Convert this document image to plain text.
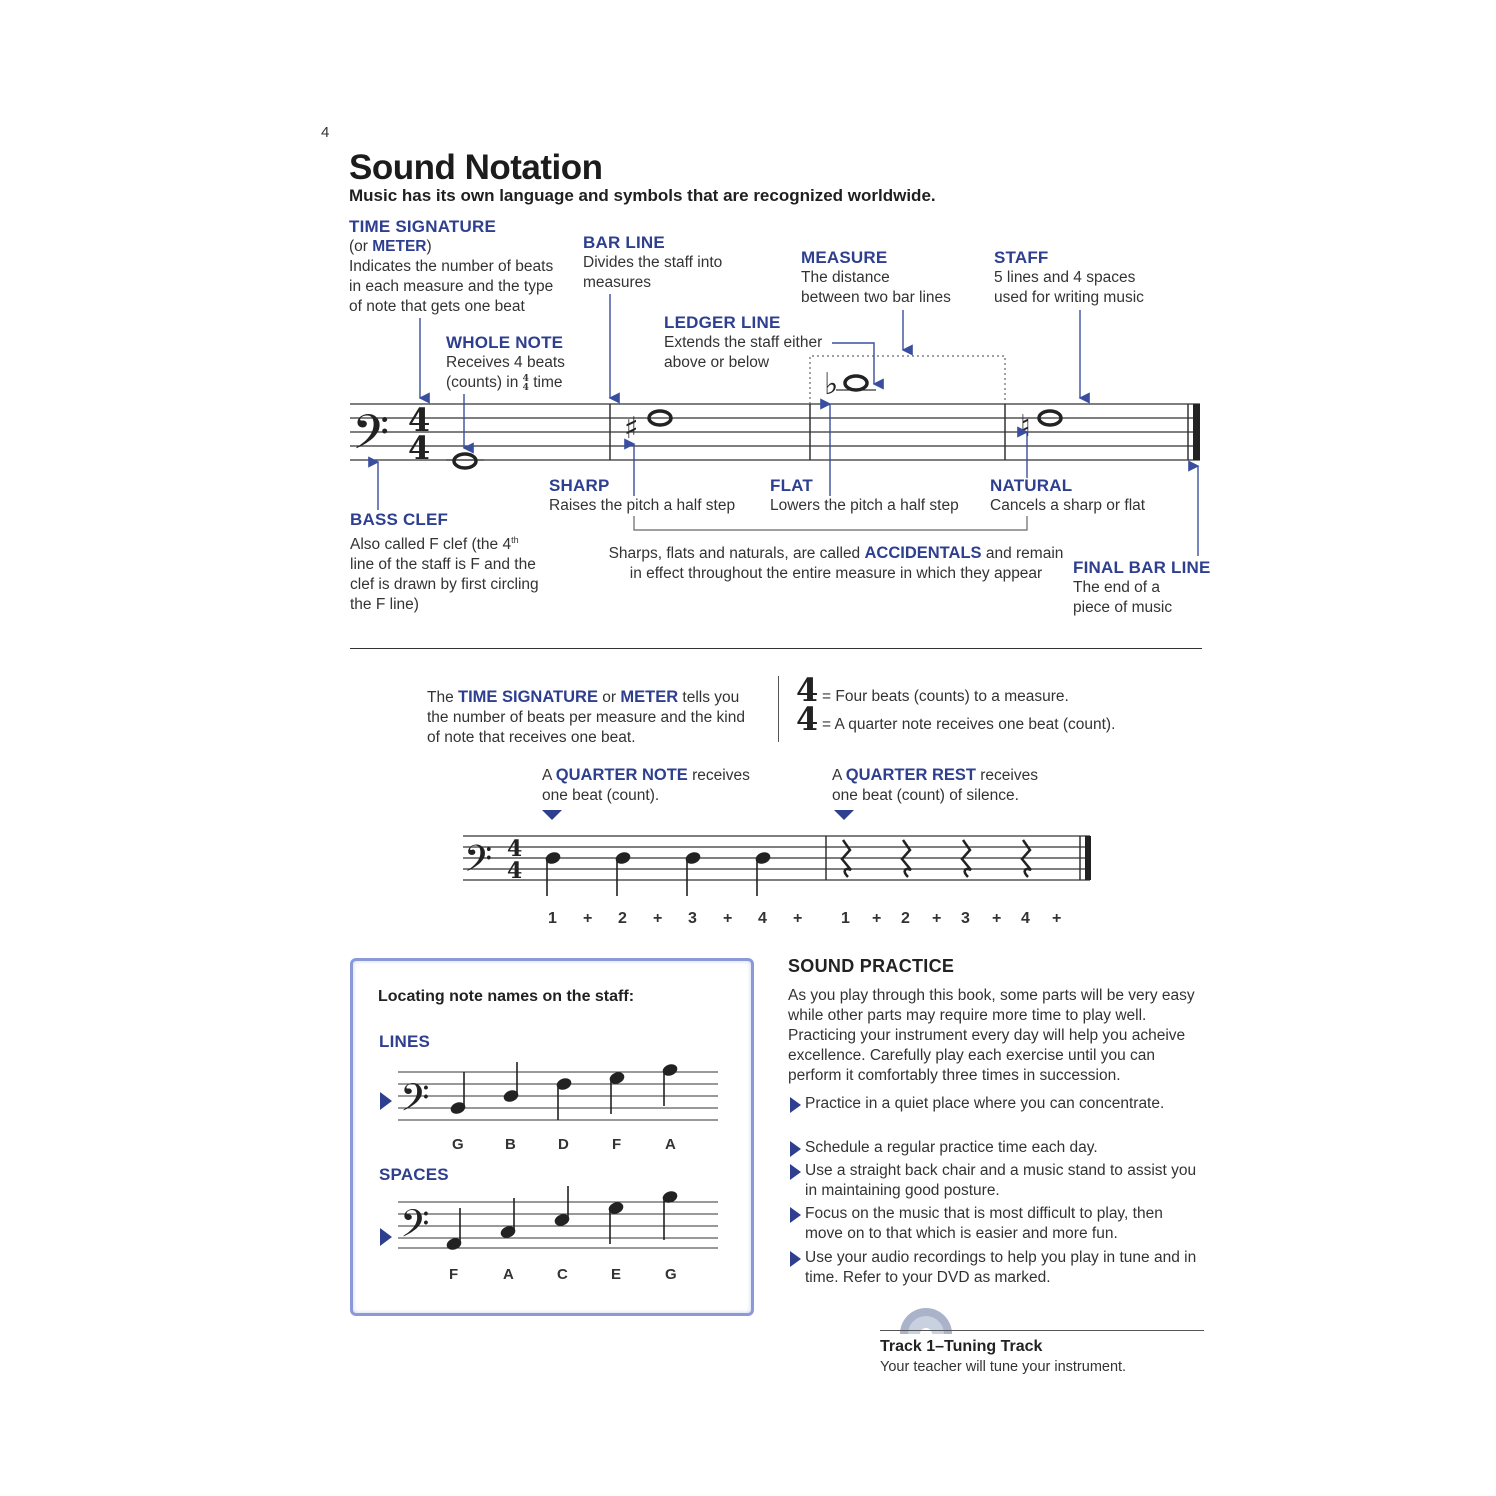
4
Sound Notation
Music has its own language and symbols that are recognized worldwide.
TIME SIGNATURE
(or METER)
Indicates the number of beats
in each measure and the type
of note that gets one beat
BAR LINE
Divides the staff into
measures
MEASURE
The distance
between two bar lines
STAFF
5 lines and 4 spaces
used for writing music
LEDGER LINE
Extends the staff either
above or below
WHOLE NOTE
Receives 4 beats
(counts) in 4
4 time
𝄢 4
4
♯
♭
♮
SHARP
Raises the pitch a half step
FLAT
Lowers the pitch a half step
NATURAL
Cancels a sharp or flat
BASS CLEF
Also called F clef (the 4th
line of the staff is F and the
clef is drawn by first circling
the F line)
Sharps, flats and naturals, are called ACCIDENTALS and remain
in effect throughout the entire measure in which they appear	FINAL BAR LINE
The end of a
piece of music
The TIME SIGNATURE or METER tells you
the number of beats per measure and the kind
of note that receives one beat.
4
4
= Four beats (counts) to a measure.
= A quarter note receives one beat (count).
A QUARTER NOTE receives
one beat (count).
A QUARTER REST receives
one beat (count) of silence.
𝄢 4
4
1 + 2 + 3 + 4 + 1 + 2 + 3 + 4 +
Locating note names on the staff:
LINES
SPACES
𝄢
𝄢
G	B	D	F	A
F	A	C	E	G
SOUND PRACTICE
As you play through this book, some parts will be very easy while other parts may require more time to play well. Practicing your instrument every day will help you acheive excellence. Carefully play each exercise until you can perform it comfortably three times in succession.
Practice in a quiet place where you can concentrate.
Schedule a regular practice time each day.
Use a straight back chair and a music stand to assist you in maintaining good posture.
Focus on the music that is most difficult to play, then move on to that which is easier and more fun.
Use your audio recordings to help you play in tune and in time. Refer to your DVD as marked.
Track 1–Tuning Track
Your teacher will tune your instrument.
